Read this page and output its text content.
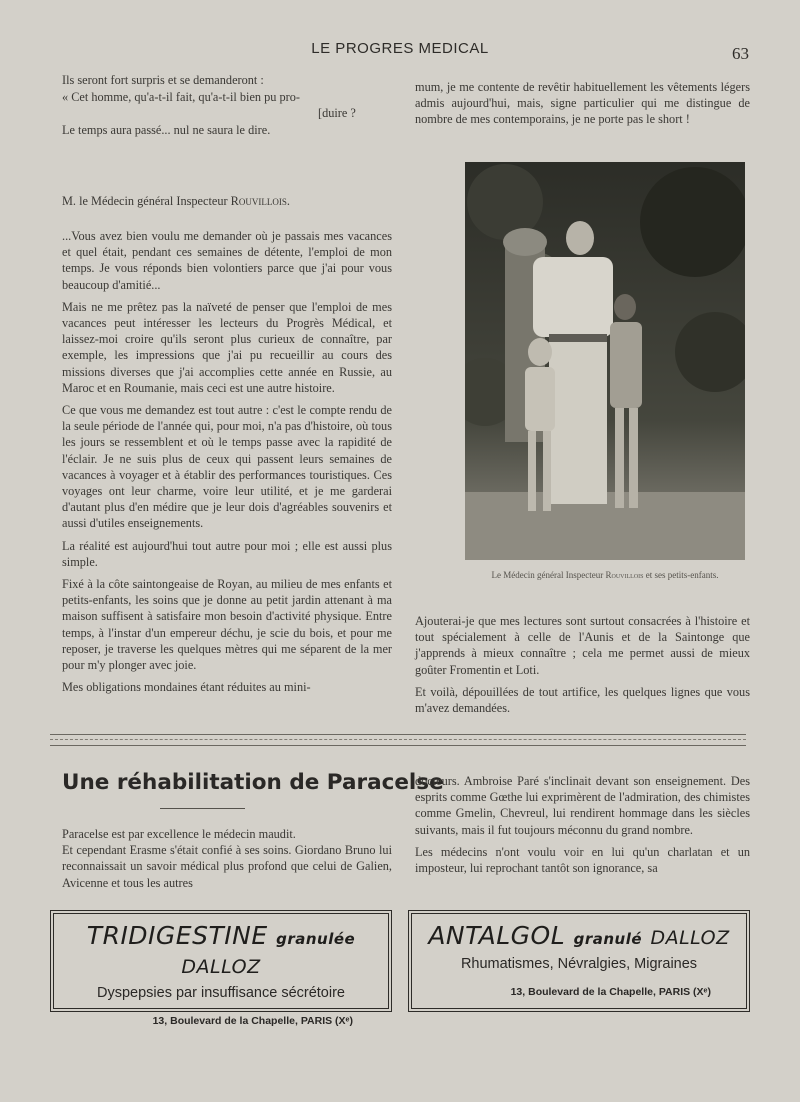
LE PROGRES MEDICAL	63
Ils seront fort surpris et se demanderont :
« Cet homme, qu'a-t-il fait, qu'a-t-il bien pu pro-
[duire ?
Le temps aura passé... nul ne saura le dire.

mum, je me contente de revêtir habituellement les vêtements légers admis aujourd'hui, mais, signe particulier qui me distingue de nombre de mes contemporains, je ne porte pas le short !

M. le Médecin général Inspecteur Rouvillois.

...Vous avez bien voulu me demander où je passais mes vacances et quel était, pendant ces semaines de détente, l'emploi de mon temps. Je vous réponds bien volontiers parce que j'ai pour vous beaucoup d'amitié...

Mais ne me prêtez pas la naïveté de penser que l'emploi de mes vacances peut intéresser les lecteurs du Progrès Médical, et laissez-moi croire qu'ils seront plus curieux de connaître, par exemple, les impressions que j'ai pu recueillir au cours des missions diverses que j'ai accomplies cette année en Russie, au Maroc et en Roumanie, mais ceci est une autre histoire.

Ce que vous me demandez est tout autre : c'est le compte rendu de la seule période de l'année qui, pour moi, n'a pas d'histoire, où tous les jours se ressemblent et où le temps passe avec la rapidité de l'éclair. Je ne suis plus de ceux qui passent leurs semaines de vacances à voyager et à établir des performances touristiques. Ces voyages ont leur charme, voire leur utilité, et je me garderai d'autant plus d'en médire que je leur dois d'agréables souvenirs et aussi d'utiles enseignements.

La réalité est aujourd'hui tout autre pour moi ; elle est aussi plus simple.

Fixé à la côte saintongeaise de Royan, au milieu de mes enfants et petits-enfants, les soins que je donne au petit jardin attenant à ma maison suffisent à satisfaire mon besoin d'activité physique. Entre temps, à l'instar d'un empereur déchu, je scie du bois, et pour me reposer, je traverse les quelques mètres qui me séparent de la mer pour m'y plonger avec joie.

Mes obligations mondaines étant réduites au mini-

Le Médecin général Inspecteur Rouvillois et ses petits-enfants.

Ajouterai-je que mes lectures sont surtout consacrées à l'histoire et tout spécialement à celle de l'Aunis et de la Saintonge que j'apprends à mieux connaître ; cela me permet aussi de mieux goûter Fromentin et Loti.

Et voilà, dépouillées de tout artifice, les quelques lignes que vous m'avez demandées.

Une réhabilitation de Paracelse

Paracelse est par excellence le médecin maudit.

Et cependant Erasme s'était confié à ses soins. Giordano Bruno lui reconnaissait un savoir médical plus profond que celui de Galien, Avicenne et tous les autres

docteurs. Ambroise Paré s'inclinait devant son enseignement. Des esprits comme Gœthe lui exprimèrent de l'admiration, des chimistes comme Gmelin, Chevreul, lui rendirent hommage dans les siècles suivants, mais il fut toujours méconnu du grand nombre.

Les médecins n'ont voulu voir en lui qu'un charlatan et un imposteur, lui reprochant tantôt son ignorance, sa

TRIDIGESTINE granulée DALLOZ
Dyspepsies par insuffisance sécrétoire
13, Boulevard de la Chapelle, PARIS (Xᵉ)
ANTALGOL granulé DALLOZ
Rhumatismes, Névralgies, Migraines
13, Boulevard de la Chapelle, PARIS (Xᵉ)
